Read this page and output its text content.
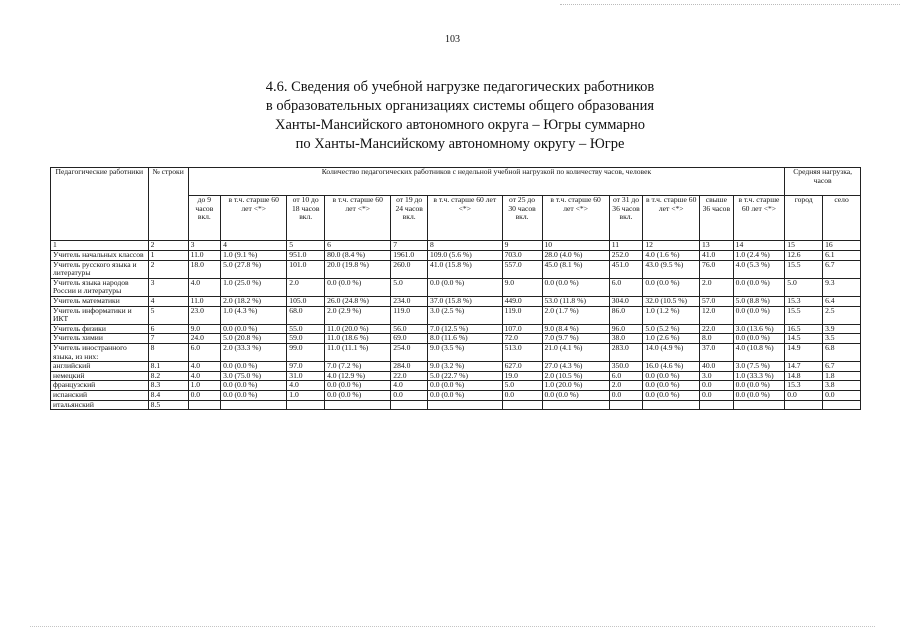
103
4.6. Сведения об учебной нагрузке педагогических работников
в образовательных организациях системы общего образования
Ханты-Мансийского автономного округа – Югры суммарно
по Ханты-Мансийскому автономному округу – Югре
Педагогические работники	№ строки	Количество педагогических работников с недельной учебной нагрузкой по количеству часов, человек												Средняя нагрузка, часов	
		до 9 часов вкл.	в т.ч. старше 60 лет <*>	от 10 до 18 часов вкл.	в т.ч. старше 60 лет <*>	от 19 до 24 часов вкл.	в т.ч. старше 60 лет <*>	от 25 до 30 часов вкл.	в т.ч. старше 60 лет <*>	от 31 до 36 часов вкл.	в т.ч. старше 60 лет <*>	свыше 36 часов	в т.ч. старше 60 лет <*>	город	село
1	2	3	4	5	6	7	8	9	10	11	12	13	14	15	16
Учитель начальных классов	1	11.0	1.0 (9.1 %)	951.0	80.0 (8.4 %)	1961.0	109.0 (5.6 %)	703.0	28.0 (4.0 %)	252.0	4.0 (1.6 %)	41.0	1.0 (2.4 %)	12.6	6.1
Учитель русского языка и литературы	2	18.0	5.0 (27.8 %)	101.0	20.0 (19.8 %)	260.0	41.0 (15.8 %)	557.0	45.0 (8.1 %)	451.0	43.0 (9.5 %)	76.0	4.0 (5.3 %)	15.5	6.7
Учитель языка народов России и литературы	3	4.0	1.0 (25.0 %)	2.0	0.0 (0.0 %)	5.0	0.0 (0.0 %)	9.0	0.0 (0.0 %)	6.0	0.0 (0.0 %)	2.0	0.0 (0.0 %)	5.0	9.3
Учитель математики	4	11.0	2.0 (18.2 %)	105.0	26.0 (24.8 %)	234.0	37.0 (15.8 %)	449.0	53.0 (11.8 %)	304.0	32.0 (10.5 %)	57.0	5.0 (8.8 %)	15.3	6.4
Учитель информатики и ИКТ	5	23.0	1.0 (4.3 %)	68.0	2.0 (2.9 %)	119.0	3.0 (2.5 %)	119.0	2.0 (1.7 %)	86.0	1.0 (1.2 %)	12.0	0.0 (0.0 %)	15.5	2.5
Учитель физики	6	9.0	0.0 (0.0 %)	55.0	11.0 (20.0 %)	56.0	7.0 (12.5 %)	107.0	9.0 (8.4 %)	96.0	5.0 (5.2 %)	22.0	3.0 (13.6 %)	16.5	3.9
Учитель химии	7	24.0	5.0 (20.8 %)	59.0	11.0 (18.6 %)	69.0	8.0 (11.6 %)	72.0	7.0 (9.7 %)	38.0	1.0 (2.6 %)	8.0	0.0 (0.0 %)	14.5	3.5
Учитель иностранного языка, из них:	8	6.0	2.0 (33.3 %)	99.0	11.0 (11.1 %)	254.0	9.0 (3.5 %)	513.0	21.0 (4.1 %)	283.0	14.0 (4.9 %)	37.0	4.0 (10.8 %)	14.9	6.8
английский	8.1	4.0	0.0 (0.0 %)	97.0	7.0 (7.2 %)	284.0	9.0 (3.2 %)	627.0	27.0 (4.3 %)	350.0	16.0 (4.6 %)	40.0	3.0 (7.5 %)	14.7	6.7
немецкий	8.2	4.0	3.0 (75.0 %)	31.0	4.0 (12.9 %)	22.0	5.0 (22.7 %)	19.0	2.0 (10.5 %)	6.0	0.0 (0.0 %)	3.0	1.0 (33.3 %)	14.8	1.8
французский	8.3	1.0	0.0 (0.0 %)	4.0	0.0 (0.0 %)	4.0	0.0 (0.0 %)	5.0	1.0 (20.0 %)	2.0	0.0 (0.0 %)	0.0	0.0 (0.0 %)	15.3	3.8
испанский	8.4	0.0	0.0 (0.0 %)	1.0	0.0 (0.0 %)	0.0	0.0 (0.0 %)	0.0	0.0 (0.0 %)	0.0	0.0 (0.0 %)	0.0	0.0 (0.0 %)	0.0	0.0
итальянский	8.5														
